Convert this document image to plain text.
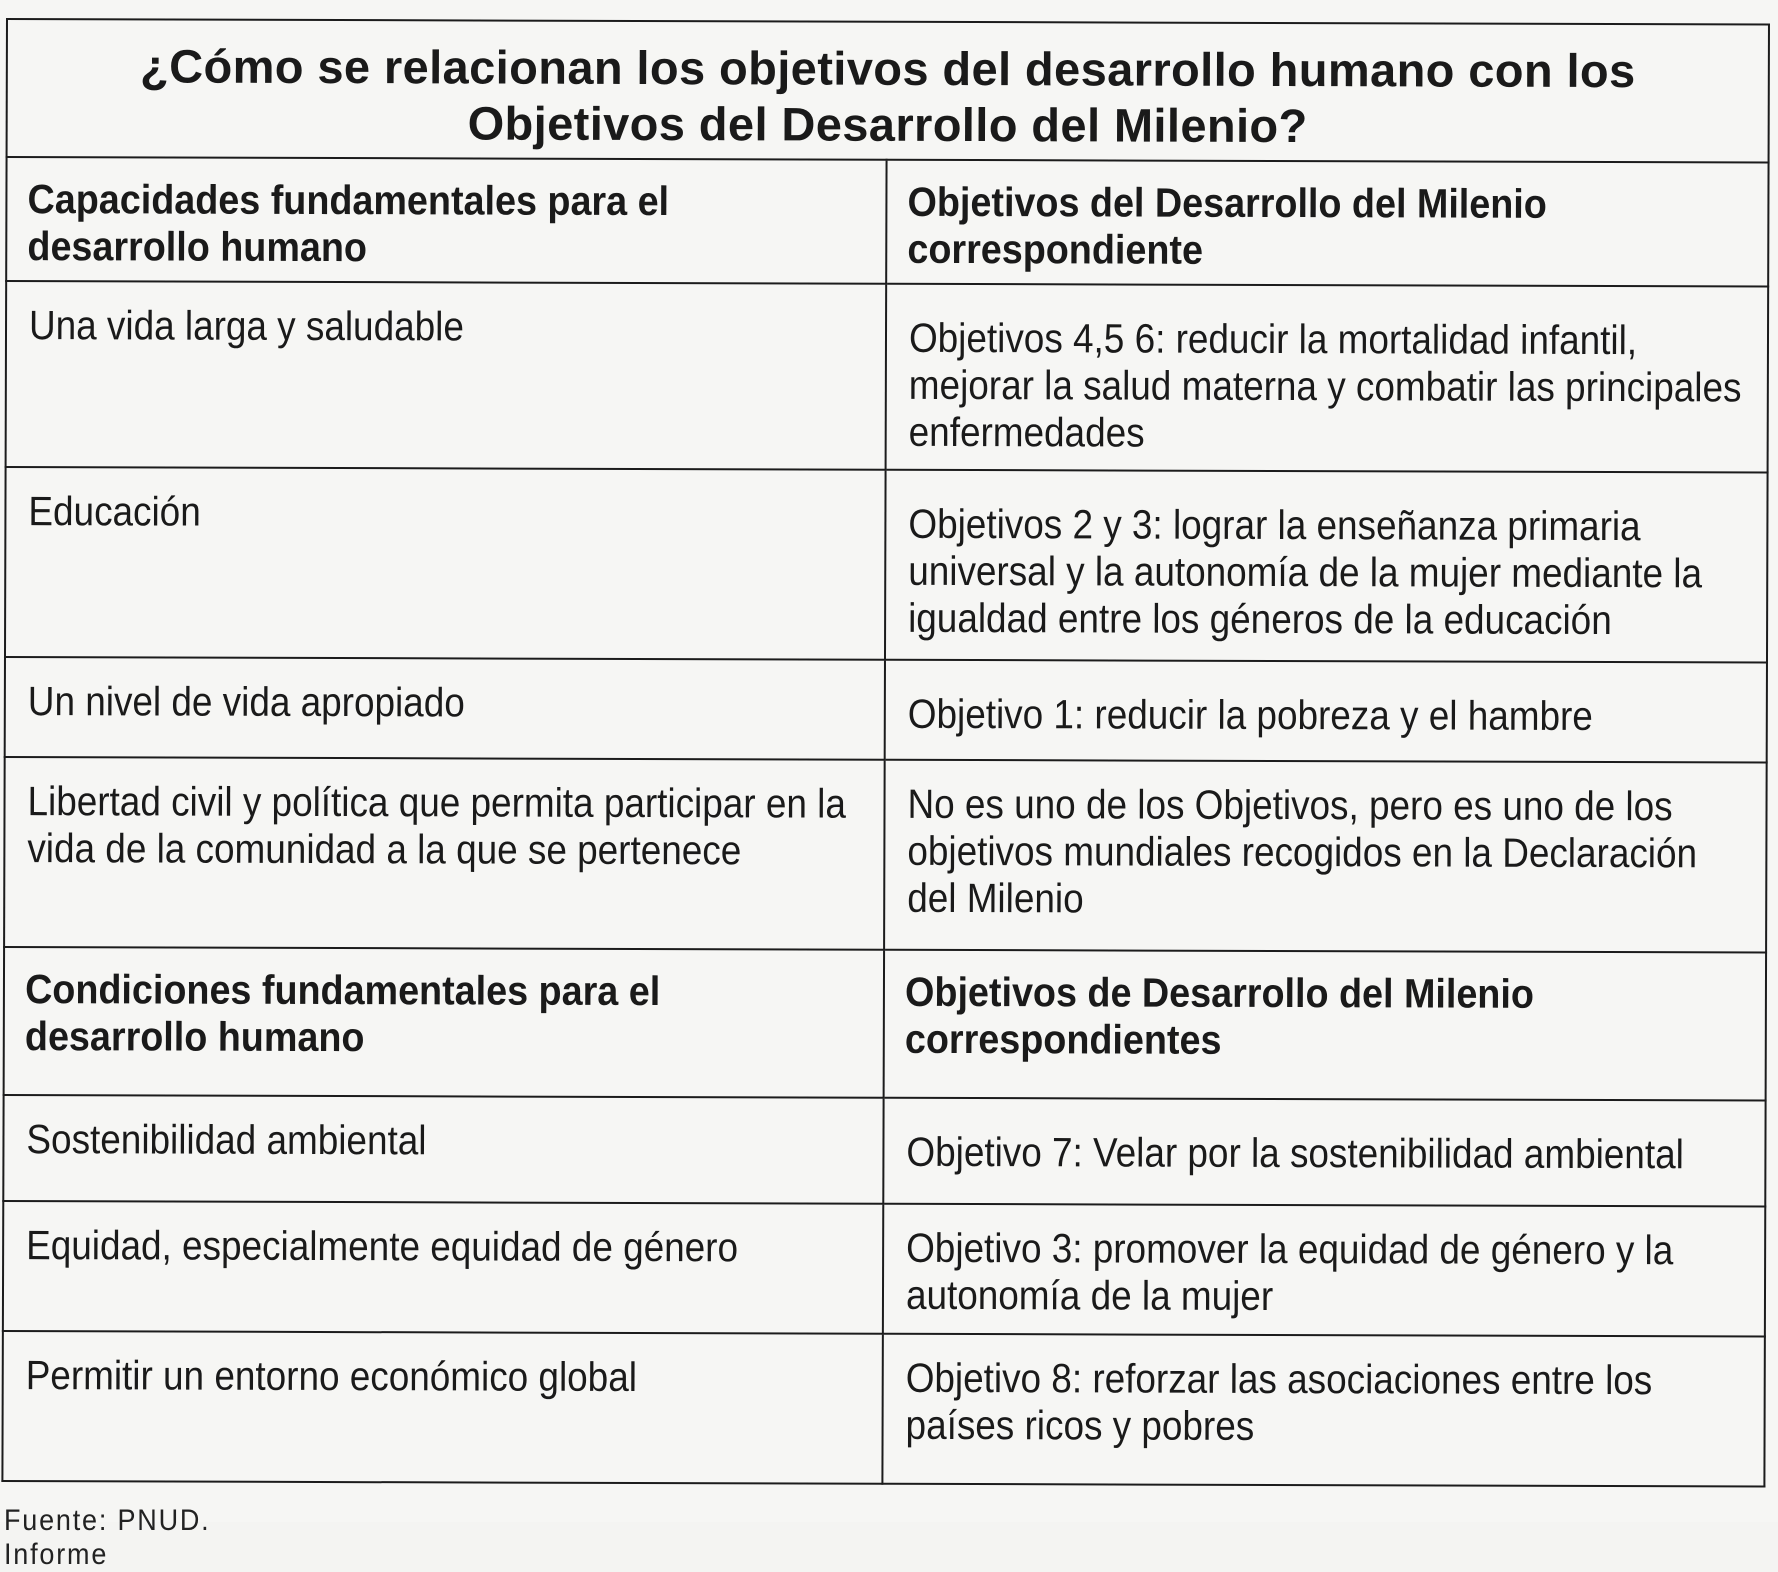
¿Cómo se relacionan los objetivos del desarrollo humano con los
Objetivos del Desarrollo del Milenio?	

Capacidades fundamentales para el desarrollo humano	Objetivos del Desarrollo del Milenio correspondiente

Una vida larga y saludable	Objetivos 4,5 6: reducir la mortalidad infantil, mejorar la salud materna y combatir las principales enfermedades

Educación	Objetivos 2 y 3: lograr la enseñanza primaria universal y la autonomía de la mujer mediante la igualdad entre los géneros de la educación

Un nivel de vida apropiado	Objetivo 1: reducir la pobreza y el hambre

Libertad civil y política que permita participar en la vida de la comunidad a la que se pertenece	No es uno de los Objetivos, pero es uno de los objetivos mundiales recogidos en la Declaración del Milenio

Condiciones fundamentales para el desarrollo humano	Objetivos de Desarrollo del Milenio correspondientes

Sostenibilidad ambiental	Objetivo 7: Velar por la sostenibilidad ambiental

Equidad, especialmente equidad de género	Objetivo 3: promover la equidad de género y la autonomía de la mujer

Permitir un entorno económico global	Objetivo 8: reforzar las asociaciones entre los países ricos y pobres
Fuente: PNUD. Informe
